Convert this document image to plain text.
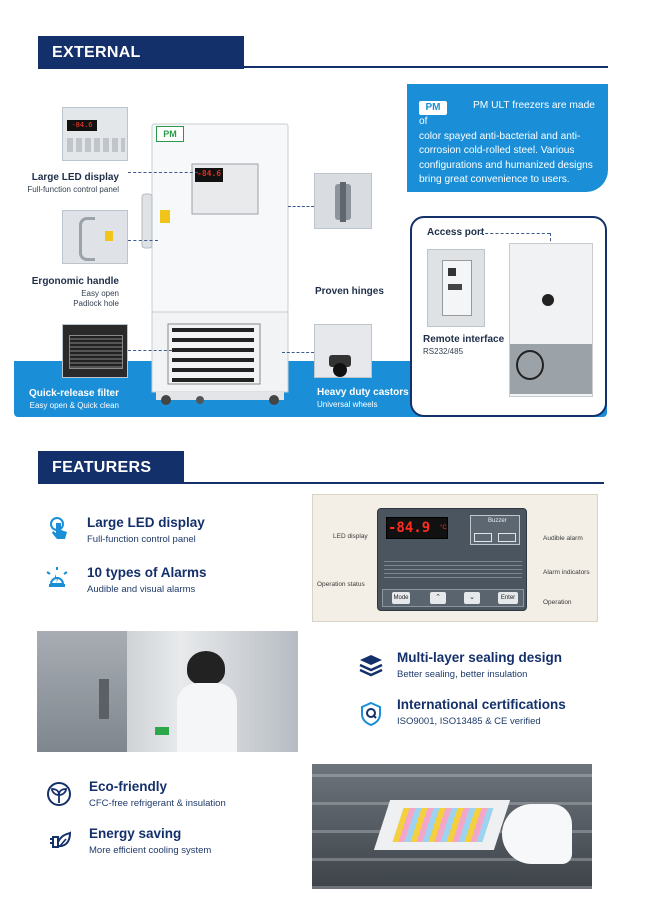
EXTERNAL
PM
-84.6
-84.6
Large LED display
Full-function control panel
Ergonomic handle
Easy open
Padlock hole
Quick-release filter
Easy open & Quick clean
Proven hinges
Heavy duty castors
Universal wheels
PM	PM ULT freezers are made of
color spayed anti-bacterial and anti-corrosion cold-rolled steel. Various configurations and humanized designs bring great convenience to users.
Access port
Remote interface
RS232/485
USB interface
Power on/off
FEATURERS
Large LED display
Full-function control panel
10 types of Alarms
Audible and visual alarms
-84.9 °C
Buzzer
Mode	⌃	⌄	Enter
LED display	Audible alarm
Alarm indicators
Operation status
Operation
Multi-layer sealing design
Better sealing, better insulation
International certifications
ISO9001, ISO13485 & CE verified
Eco-friendly
CFC-free refrigerant & insulation
Energy saving
More efficient cooling system
